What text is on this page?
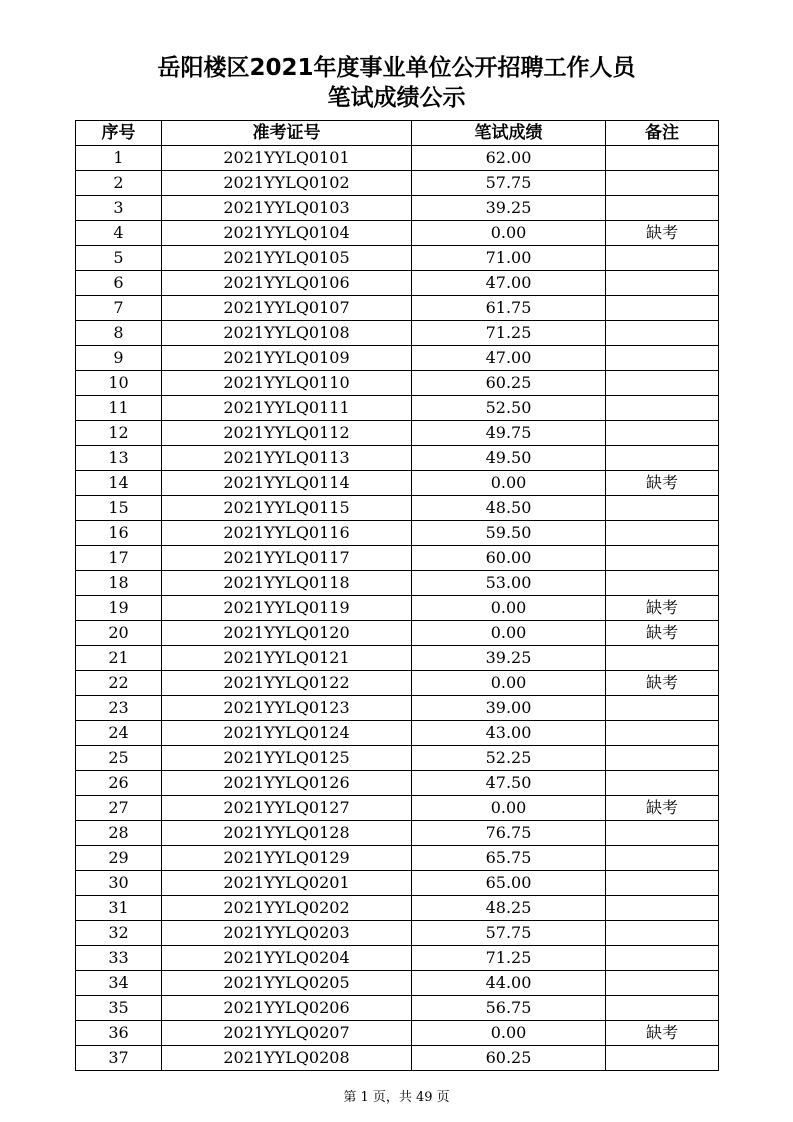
岳阳楼区2021年度事业单位公开招聘工作人员
笔试成绩公示
序号	准考证号	笔试成绩	备注
1	2021YYLQ0101	62.00	
2	2021YYLQ0102	57.75	
3	2021YYLQ0103	39.25	
4	2021YYLQ0104	0.00	缺考
5	2021YYLQ0105	71.00	
6	2021YYLQ0106	47.00	
7	2021YYLQ0107	61.75	
8	2021YYLQ0108	71.25	
9	2021YYLQ0109	47.00	
10	2021YYLQ0110	60.25	
11	2021YYLQ0111	52.50	
12	2021YYLQ0112	49.75	
13	2021YYLQ0113	49.50	
14	2021YYLQ0114	0.00	缺考
15	2021YYLQ0115	48.50	
16	2021YYLQ0116	59.50	
17	2021YYLQ0117	60.00	
18	2021YYLQ0118	53.00	
19	2021YYLQ0119	0.00	缺考
20	2021YYLQ0120	0.00	缺考
21	2021YYLQ0121	39.25	
22	2021YYLQ0122	0.00	缺考
23	2021YYLQ0123	39.00	
24	2021YYLQ0124	43.00	
25	2021YYLQ0125	52.25	
26	2021YYLQ0126	47.50	
27	2021YYLQ0127	0.00	缺考
28	2021YYLQ0128	76.75	
29	2021YYLQ0129	65.75	
30	2021YYLQ0201	65.00	
31	2021YYLQ0202	48.25	
32	2021YYLQ0203	57.75	
33	2021YYLQ0204	71.25	
34	2021YYLQ0205	44.00	
35	2021YYLQ0206	56.75	
36	2021YYLQ0207	0.00	缺考
37	2021YYLQ0208	60.25	
第 1 页，共 49 页
